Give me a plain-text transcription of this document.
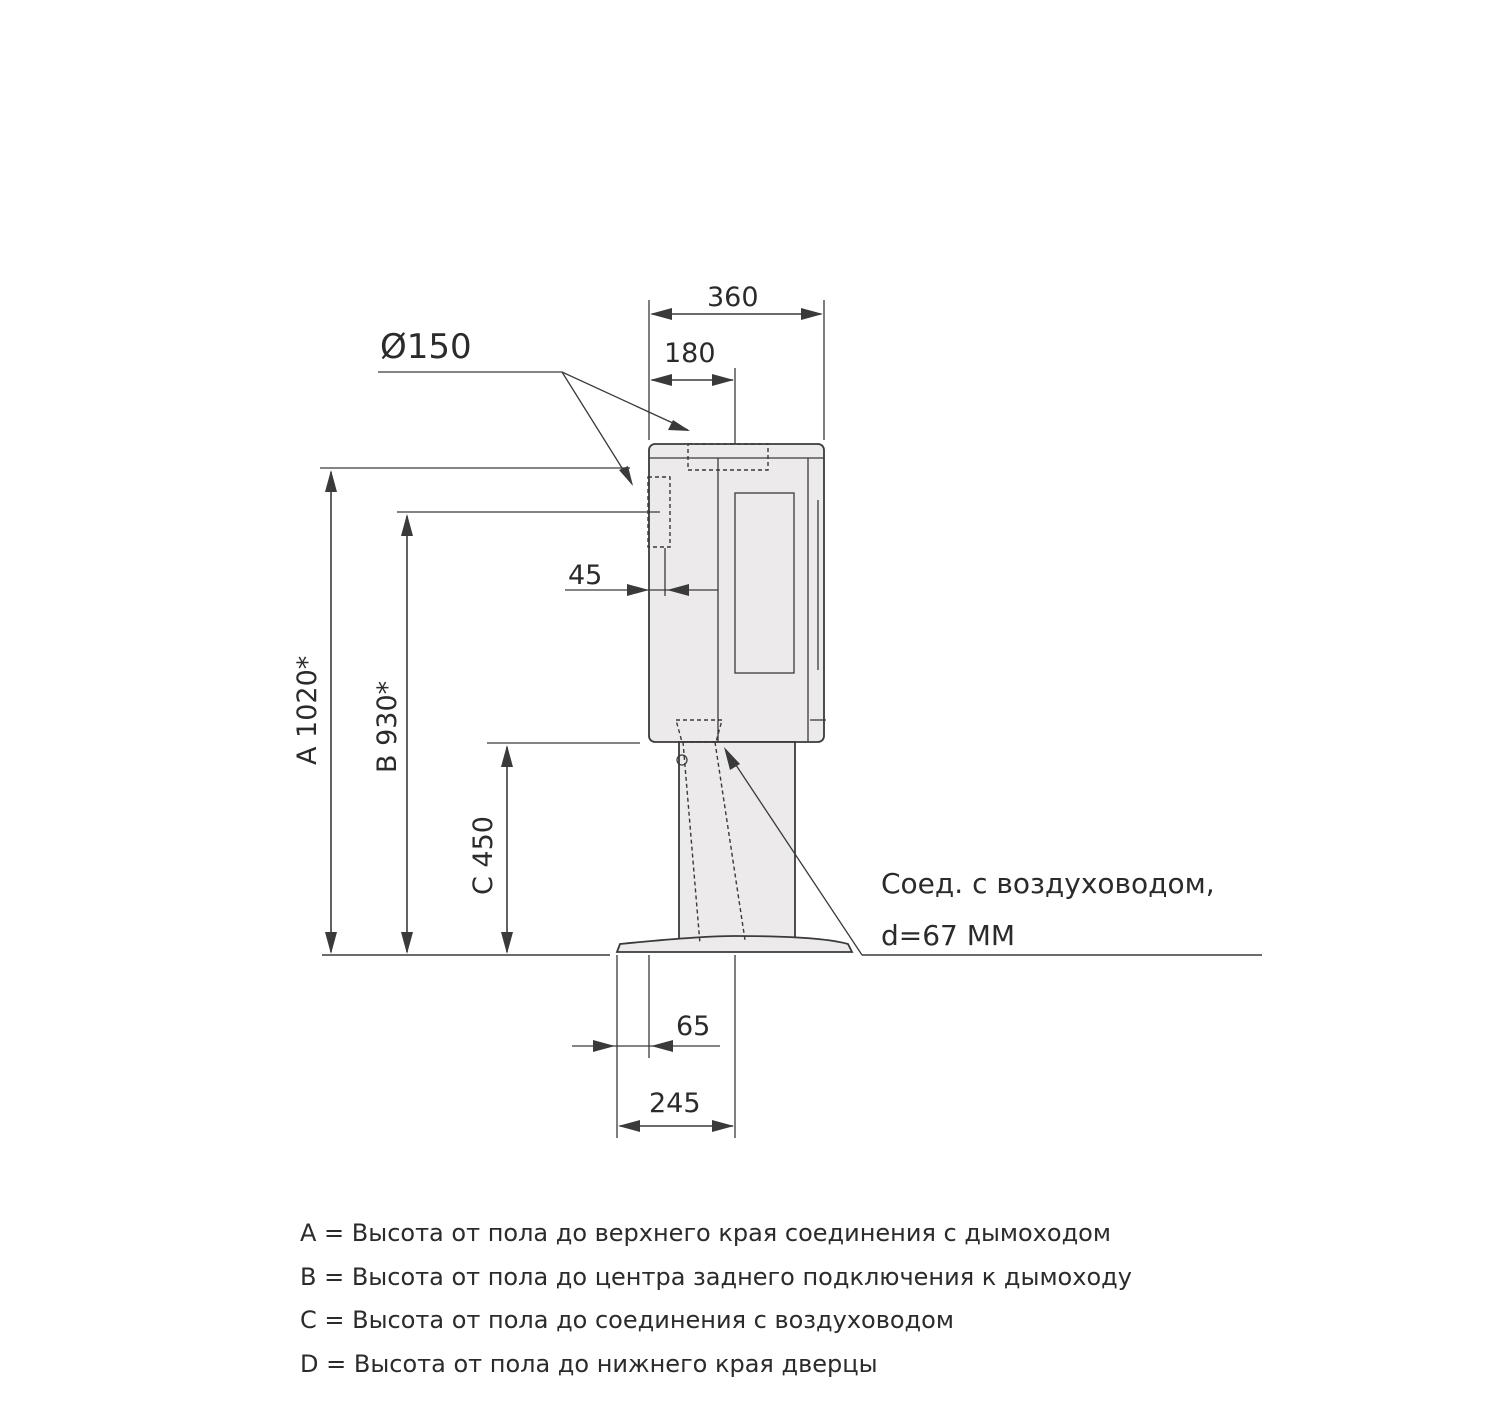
360
180
Ø150
45
A 1020* B 930*
C 450
65
245
Соед. с воздуховодом,
d=67 ММ
A = Высота от пола до верхнего края соединения с дымоходом
B = Высота от пола до центра заднего подключения к дымоходу
C = Высота от пола до соединения с воздуховодом
D = Высота от пола до нижнего края дверцы
